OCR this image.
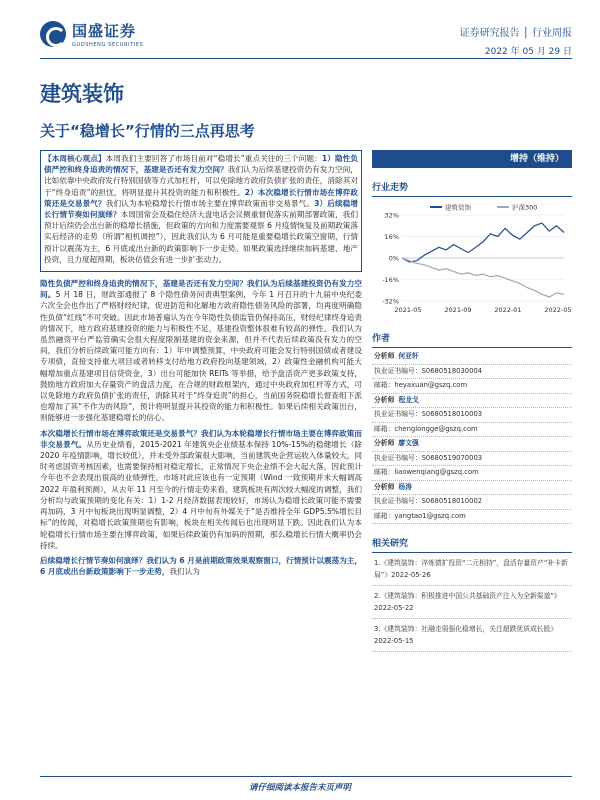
国盛证券
GUOSHENG SECURITIES
证券研究报告 │ 行业周报
2022 年 05 月 29 日
建筑装饰
关于“稳增长”行情的三点再思考

【本周核心观点】本周我们主要回答了市场目前对“稳增长”重点关注的三个问题：1）隐性负债严控和终身追责的情况下，基建是否还有发力空间？我们认为后续基建投资仍有发力空间，比如依靠中央政府发行特别国债等方式加杠杆，可以免除地方政府负债扩张的责任，消除其对于“终身追责”的担忧，将明显提升其投资的能力和积极性。2）本次稳增长行情市场在博弈政策还是交易景气？我们认为本轮稳增长行情市场主要在博弈政策而非交易景气。3）后续稳增长行情节奏如何演绎？本周国常会及稳住经济大盘电话会议侧重督促落实前期部署政策，我们预计后续仍会出台新的稳增长措施，但政策的方向和力度需要观察 6 月疫情恢复及前期政策落实后经济的走势（所谓“相机调控”），因此我们认为 6 月可能是重要稳增长政策空窗期，行情预计以震荡为主，6 月底或出台新的政策影响下一步走势。如果政策选择继续加码基建、地产投资，且力度超预期，板块估值会有进一步扩张动力。

隐性负债严控和终身追责的情况下，基建是否还有发力空间？我们认为后续基建投资仍有发力空间。5 月 18 日，财政部通报了 8 个隐性债务问责典型案例，今年 1 月召开的十九届中央纪委六次全会也作出了严格财经纪律，促进防范和化解地方政府隐性债务风险的部署，均再度明确隐性负债“红线”不可突破。因此市场普遍认为在今年隐性负债监管仍保持高压，财经纪律终身追责的情况下，地方政府基建投资的能力与积极性不足，基建投资整体很难有较高的弹性。我们认为虽然融资平台严监管确实会很大程度限制基建的资金来源，但并不代表后续政策没有发力的空间，我们分析后续政策可能方向有：1）年中调整预算，中央政府可能会发行特别国债或者建设专项债，直接支持重大项目或者转移支付给地方政府投向基建领域，2）政策性金融机构可能大幅增加重点基建项目信贷资金，3）出台可能加快 REITs 等举措，给予盘活资产更多政策支持，鼓励地方政府加大存量资产的盘活力度，在合规的财政框架内，通过中央政府加杠杆等方式，可以免除地方政府负债扩张的责任，消除其对于“终身追责”的担心，当前国务院稳增长督查组下派也增加了其“不作为的风险”，预计将明显提升其投资的能力和积极性。如果后续相关政策出台，则能够进一步强化基建稳增长的信心。

本次稳增长行情市场在博弈政策还是交易景气？我们认为本轮稳增长行情市场主要在博弈政策而非交易景气。从历史业绩看，2015-2021 年建筑央企业绩基本保持 10%-15%的稳健增长（除 2020 年疫情影响，增长较低），并未受外部政策很大影响，当前建筑央企营运收入体量较大，同时考虑国资考核因素，也需要保持相对稳定增长，正常情况下央企业绩不会大起大落，因此预计今年也不会表现出很高的业绩弹性，市场对此应该也有一定预期（Wind 一致预期并未大幅调高 2022 年盈利预测），从去年 11 月至今的行情走势来看，建筑板块有两次较大幅度的调整，我们分析均与政策预期的变化有关：1）1-2 月经济数据表现较好，市场认为稳增长政策可能不需要再加码，3 月中旬板块出现明显调整，2）4 月中旬有外媒关于“是否维持全年 GDP5.5%增长目标”的传闻，对稳增长政策预期也有影响，板块在相关传闻后也出现明显下跌。因此我们认为本轮稳增长行情市场主要在博弈政策，如果后续政策仍有加码的预期，那么稳增长行情大概率仍会持续。

后续稳增长行情节奏如何演绎？我们认为 6 月是前期政策效果观察窗口，行情预计以震荡为主，6 月底或出台新政策影响下一步走势，我们认为

增持（维持）
行业走势
32%
16%
0%
-16%
-32%
2021-05	2021-09	2022-01	2022-05
建筑装饰	沪深300
作者
分析师 何亚轩
执业证书编号：S0680518030004
邮箱：heyaxuan@gszq.com
分析师 程龙戈
执业证书编号：S0680518010003
邮箱：chenglongge@gszq.com
分析师 廖文强
执业证书编号：S0680519070003
邮箱：liaowenqiang@gszq.com
分析师 杨涛
执业证书编号：S0680518010002
邮箱：yangtao1@gszq.com
相关研究
1.《建筑装饰：淬炼债扩投资“二元相持”，盘活存量资产“补卡新局”》2022-05-26
2.《建筑装饰：积极推进中国公共基础资产注入为全新渠道”》2022-05-22
3.《建筑装饰：社融走弱强化稳增长，关注超跌优质成长股》2022-05-15
请仔细阅读本报告末页声明
